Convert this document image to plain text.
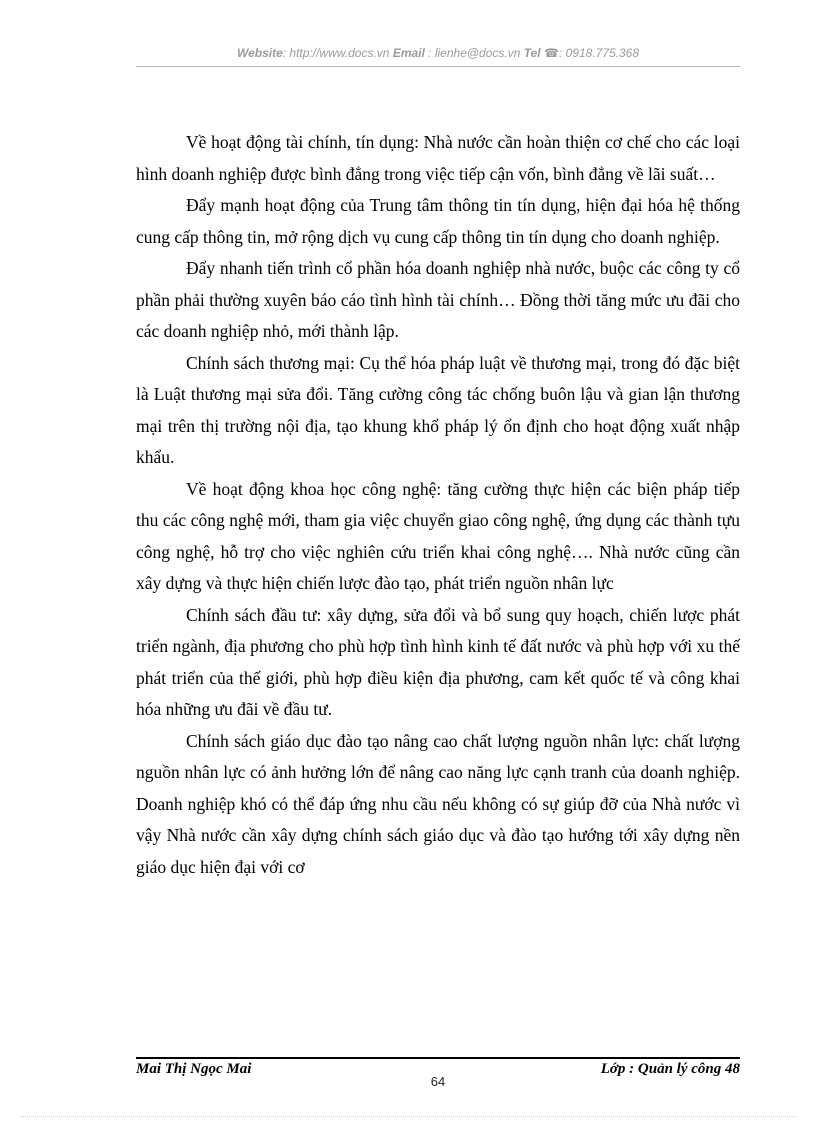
Website: http://www.docs.vn Email : lienhe@docs.vn Tel ☎: 0918.775.368

Về hoạt động tài chính, tín dụng: Nhà nước cần hoàn thiện cơ chế cho các loại hình doanh nghiệp được bình đẳng trong việc tiếp cận vốn, bình đẳng về lãi suất…

Đẩy mạnh hoạt động của Trung tâm thông tin tín dụng, hiện đại hóa hệ thống cung cấp thông tin, mở rộng dịch vụ cung cấp thông tin tín dụng cho doanh nghiệp.

Đẩy nhanh tiến trình cổ phần hóa doanh nghiệp nhà nước, buộc các công ty cổ phần phải thường xuyên báo cáo tình hình tài chính… Đồng thời tăng mức ưu đãi cho các doanh nghiệp nhỏ, mới thành lập.

Chính sách thương mại: Cụ thể hóa pháp luật về thương mại, trong đó đặc biệt là Luật thương mại sửa đổi. Tăng cường công tác chống buôn lậu và gian lận thương mại trên thị trường nội địa, tạo khung khổ pháp lý ổn định cho hoạt động xuất nhập khẩu.

Về hoạt động khoa học công nghệ: tăng cường thực hiện các biện pháp tiếp thu các công nghệ mới, tham gia việc chuyển giao công nghệ, ứng dụng các thành tựu công nghệ, hỗ trợ cho việc nghiên cứu triển khai công nghệ…. Nhà nước cũng cần xây dựng và thực hiện chiến lược đào tạo, phát triển nguồn nhân lực

Chính sách đầu tư: xây dựng, sửa đổi và bổ sung quy hoạch, chiến lược phát triển ngành, địa phương cho phù hợp tình hình kinh tế đất nước và phù hợp với xu thế phát triển của thế giới, phù hợp điều kiện địa phương, cam kết quốc tế và công khai hóa những ưu đãi về đầu tư.

Chính sách giáo dục đào tạo nâng cao chất lượng nguồn nhân lực: chất lượng nguồn nhân lực có ảnh hưởng lớn để nâng cao năng lực cạnh tranh của doanh nghiệp. Doanh nghiệp khó có thể đáp ứng nhu cầu nếu không có sự giúp đỡ của Nhà nước vì vậy Nhà nước cần xây dựng chính sách giáo dục và đào tạo hướng tới xây dựng nền giáo dục hiện đại với cơ

Mai Thị Ngọc Mai	Lớp : Quản lý công 48
64
